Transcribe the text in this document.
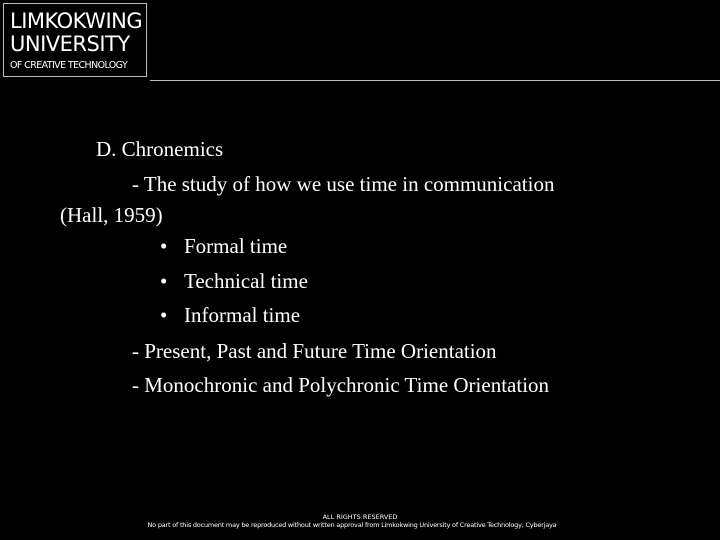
LIMKOKWING
UNIVERSITY
OF CREATIVE TECHNOLOGY
D. Chronemics
- The study of how we use time in communication
(Hall, 1959)
• Formal time
• Technical time
• Informal time
- Present, Past and Future Time Orientation
- Monochronic and Polychronic Time Orientation
ALL RIGHTS RESERVED
No part of this document may be reproduced without written approval from Limkokwing University of Creative Technology, Cyberjaya
